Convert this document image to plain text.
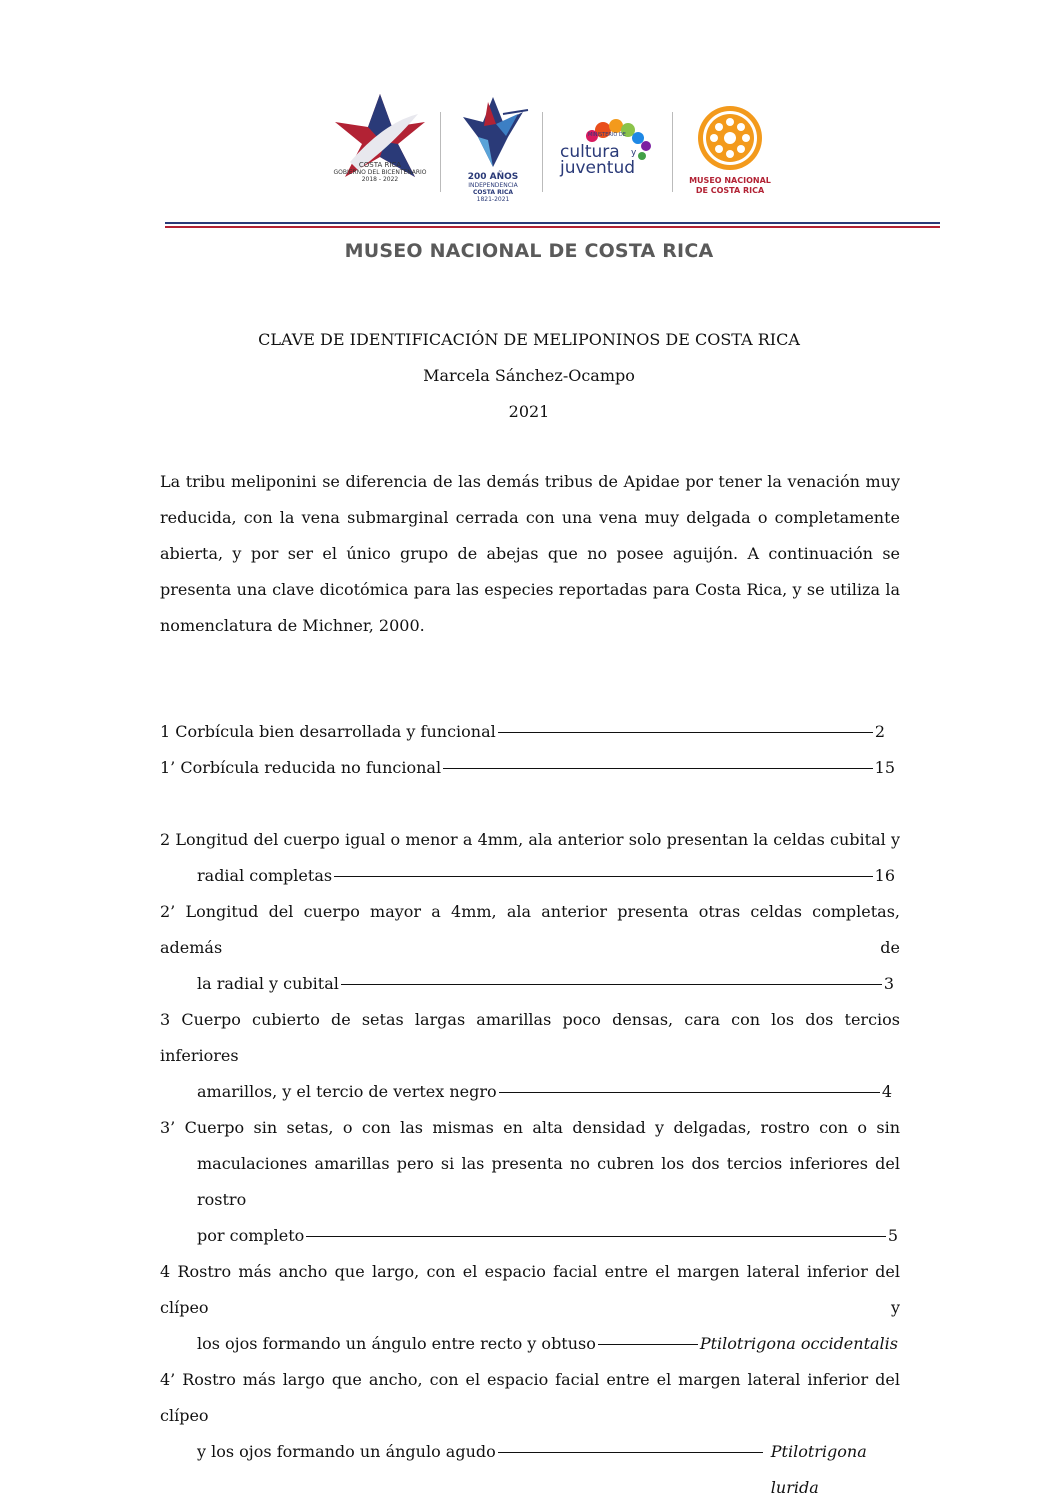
COSTA RICA
GOBIERNO DEL BICENTENARIO
2018 - 2022	200 AÑOS
INDEPENDENCIA
COSTA RICA
1821-2021
MINISTERIO DE
cultura y
juventud
MUSEO NACIONAL
DE COSTA RICA
MUSEO NACIONAL DE COSTA RICA
CLAVE DE IDENTIFICACIÓN DE MELIPONINOS DE COSTA RICA
Marcela Sánchez-Ocampo
2021
La tribu meliponini se diferencia de las demás tribus de Apidae por tener la venación muy reducida, con la vena submarginal cerrada con una vena muy delgada o completamente abierta, y por ser el único grupo de abejas que no posee aguijón. A continuación se presenta una clave dicotómica para las especies reportadas para Costa Rica, y se utiliza la nomenclatura de Michner, 2000.
1 Corbícula bien desarrollada y funcional	2
1’ Corbícula reducida no funcional	15
2 Longitud del cuerpo igual o menor a 4mm, ala anterior solo presentan la celdas cubital y
radial completas	16
2’ Longitud del cuerpo mayor a 4mm, ala anterior presenta otras celdas completas, además de
la radial y cubital	3
3 Cuerpo cubierto de setas largas amarillas poco densas, cara con los dos tercios inferiores
amarillos, y el tercio de vertex negro	4
3’ Cuerpo sin setas, o con las mismas en alta densidad y delgadas, rostro con o sin
maculaciones amarillas pero si las presenta no cubren los dos tercios inferiores del rostro
por completo	5
4 Rostro más ancho que largo, con el espacio facial entre el margen lateral inferior del clípeo y
los ojos formando un ángulo entre recto y obtuso	Ptilotrigona occidentalis
4’ Rostro más largo que ancho, con el espacio facial entre el margen lateral inferior del clípeo
y los ojos formando un ángulo agudo	Ptilotrigona lurida
